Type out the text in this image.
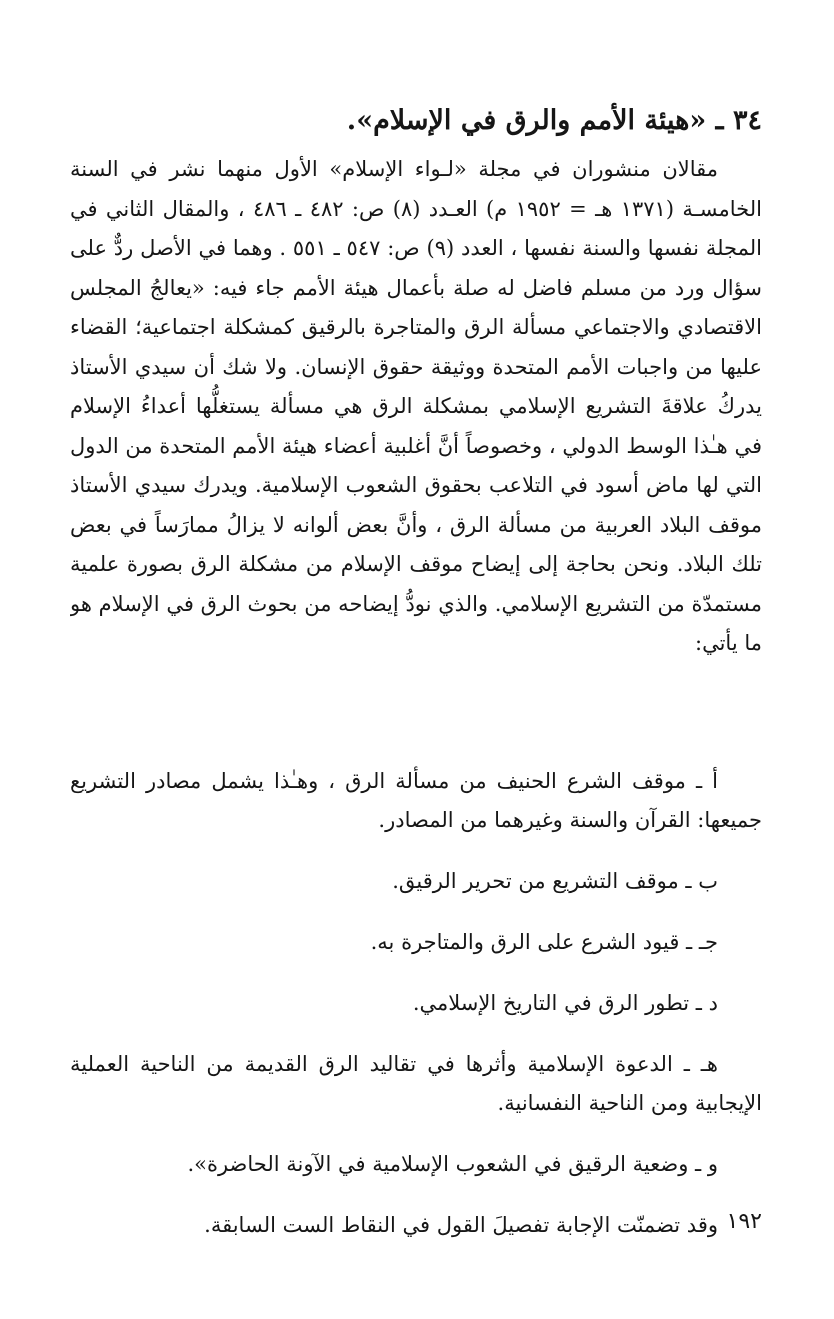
٣٤ ـ «هيئة الأمم والرق في الإسلام».

مقالان منشوران في مجلة «لـواء الإسلام» الأول منهما نشر في السنة الخامسـة (١٣٧١ هـ = ١٩٥٢ م) العـدد (٨) ص: ٤٨٢ ـ ٤٨٦ ، والمقال الثاني في المجلة نفسها والسنة نفسها ، العدد (٩) ص: ٥٤٧ ـ ٥٥١ . وهما في الأصل ردٌّ على سؤال ورد من مسلم فاضل له صلة بأعمال هيئة الأمم جاء فيه: «يعالجُ المجلس الاقتصادي والاجتماعي مسألة الرق والمتاجرة بالرقيق كمشكلة اجتماعية؛ القضاء عليها من واجبات الأمم المتحدة ووثيقة حقوق الإنسان. ولا شك أن سيدي الأستاذ يدركُ علاقةَ التشريع الإسلامي بمشكلة الرق هي مسألة يستغلُّها أعداءُ الإسلام في هـٰذا الوسط الدولي ، وخصوصاً أنَّ أغلبية أعضاء هيئة الأمم المتحدة من الدول التي لها ماض أسود في التلاعب بحقوق الشعوب الإسلامية. ويدرك سيدي الأستاذ موقف البلاد العربية من مسألة الرق ، وأنَّ بعض ألوانه لا يزالُ ممارَساً في بعض تلك البلاد. ونحن بحاجة إلى إيضاح موقف الإسلام من مشكلة الرق بصورة علمية مستمدّة من التشريع الإسلامي. والذي نودُّ إيضاحه من بحوث الرق في الإسلام هو ما يأتي:

أ ـ موقف الشرع الحنيف من مسألة الرق ، وهـٰذا يشمل مصادر التشريع جميعها: القرآن والسنة وغيرهما من المصادر.

ب ـ موقف التشريع من تحرير الرقيق.

جـ ـ قيود الشرع على الرق والمتاجرة به.

د ـ تطور الرق في التاريخ الإسلامي.

هـ ـ الدعوة الإسلامية وأثرها في تقاليد الرق القديمة من الناحية العملية الإيجابية ومن الناحية النفسانية.

و ـ وضعية الرقيق في الشعوب الإسلامية في الآونة الحاضرة».

وقد تضمنّت الإجابة تفصيلَ القول في النقاط الست السابقة. ١٩٢
